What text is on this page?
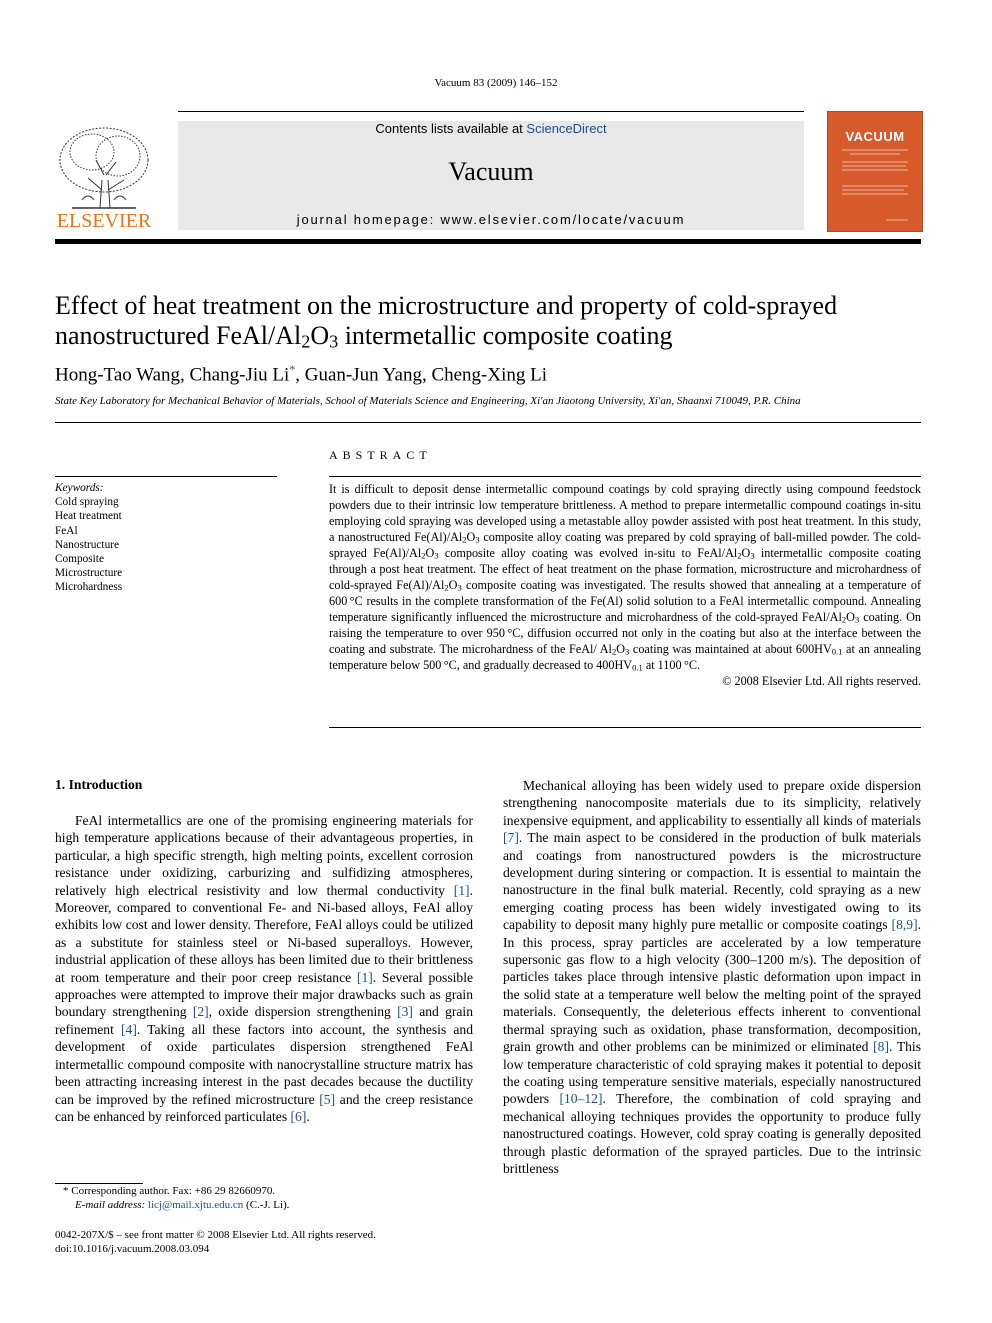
Vacuum 83 (2009) 146–152
ELSEVIER
Contents lists available at ScienceDirect
Vacuum
journal homepage: www.elsevier.com/locate/vacuum
VACUUM
Effect of heat treatment on the microstructure and property of cold-sprayed
nanostructured FeAl/$Al_2O_3$ intermetallic composite coating
Hong-Tao Wang, Chang-Jiu Li*, Guan-Jun Yang, Cheng-Xing Li
State Key Laboratory for Mechanical Behavior of Materials, School of Materials Science and Engineering, Xi'an Jiaotong University, Xi'an, Shaanxi 710049, P.R. China
ABSTRACT
Keywords:
Cold spraying
Heat treatment
FeAl
Nanostructure
Composite
Microstructure
Microhardness
It is difficult to deposit dense intermetallic compound coatings by cold spraying directly using compound feedstock powders due to their intrinsic low temperature brittleness. A method to prepare intermetallic compound coatings in-situ employing cold spraying was developed using a metastable alloy powder assisted with post heat treatment. In this study, a nanostructured $Fe(Al)/Al_2O_3$ composite alloy coating was prepared by cold spraying of ball-milled powder. The cold-sprayed $Fe(Al)/Al_2O_3$ composite alloy coating was evolved in-situ to FeAl/$Al_2O_3$ intermetallic composite coating through a post heat treatment. The effect of heat treatment on the phase formation, microstructure and microhardness of cold-sprayed $Fe(Al)/Al_2O_3$ composite coating was investigated. The results showed that annealing at a temperature of 600 °C results in the complete transformation of the Fe(Al) solid solution to a FeAl intermetallic compound. Annealing temperature significantly influenced the microstructure and microhardness of the cold-sprayed FeAl/$Al_2O_3$ coating. On raising the temperature to over 950 °C, diffusion occurred not only in the coating but also at the interface between the coating and substrate. The microhardness of the FeAl/ $Al_2O_3$ coating was maintained at about $600HV_{0.1}$ at an annealing temperature below 500 °C, and gradually decreased to $400HV_{0.1}$ at 1100 °C.
© 2008 Elsevier Ltd. All rights reserved.
1. Introduction

FeAl intermetallics are one of the promising engineering materials for high temperature applications because of their advantageous properties, in particular, a high specific strength, high melting points, excellent corrosion resistance under oxidizing, carburizing and sulfidizing atmospheres, relatively high electrical resistivity and low thermal conductivity [1]. Moreover, compared to conventional Fe- and Ni-based alloys, FeAl alloy exhibits low cost and lower density. Therefore, FeAl alloys could be utilized as a substitute for stainless steel or Ni-based superalloys. However, industrial application of these alloys has been limited due to their brittleness at room temperature and their poor creep resistance [1]. Several possible approaches were attempted to improve their major drawbacks such as grain boundary strengthening [2], oxide dispersion strengthening [3] and grain refinement [4]. Taking all these factors into account, the synthesis and development of oxide particulates dispersion strengthened FeAl intermetallic compound composite with nanocrystalline structure matrix has been attracting increasing interest in the past decades because the ductility can be improved by the refined microstructure [5] and the creep resistance can be enhanced by reinforced particulates [6].

Mechanical alloying has been widely used to prepare oxide dispersion strengthening nanocomposite materials due to its simplicity, relatively inexpensive equipment, and applicability to essentially all kinds of materials [7]. The main aspect to be considered in the production of bulk materials and coatings from nanostructured powders is the microstructure development during sintering or compaction. It is essential to maintain the nanostructure in the final bulk material. Recently, cold spraying as a new emerging coating process has been widely investigated owing to its capability to deposit many highly pure metallic or composite coatings [8,9]. In this process, spray particles are accelerated by a low temperature supersonic gas flow to a high velocity (300–1200 m/s). The deposition of particles takes place through intensive plastic deformation upon impact in the solid state at a temperature well below the melting point of the sprayed materials. Consequently, the deleterious effects inherent to conventional thermal spraying such as oxidation, phase transformation, decomposition, grain growth and other problems can be minimized or eliminated [8]. This low temperature characteristic of cold spraying makes it potential to deposit the coating using temperature sensitive materials, especially nanostructured powders [10–12]. Therefore, the combination of cold spraying and mechanical alloying techniques provides the opportunity to produce fully nanostructured coatings. However, cold spray coating is generally deposited through plastic deformation of the sprayed particles. Due to the intrinsic brittleness

* Corresponding author. Fax: +86 29 82660970.
E-mail address: licj@mail.xjtu.edu.cn (C.-J. Li).
0042-207X/$ – see front matter © 2008 Elsevier Ltd. All rights reserved.
doi:10.1016/j.vacuum.2008.03.094
